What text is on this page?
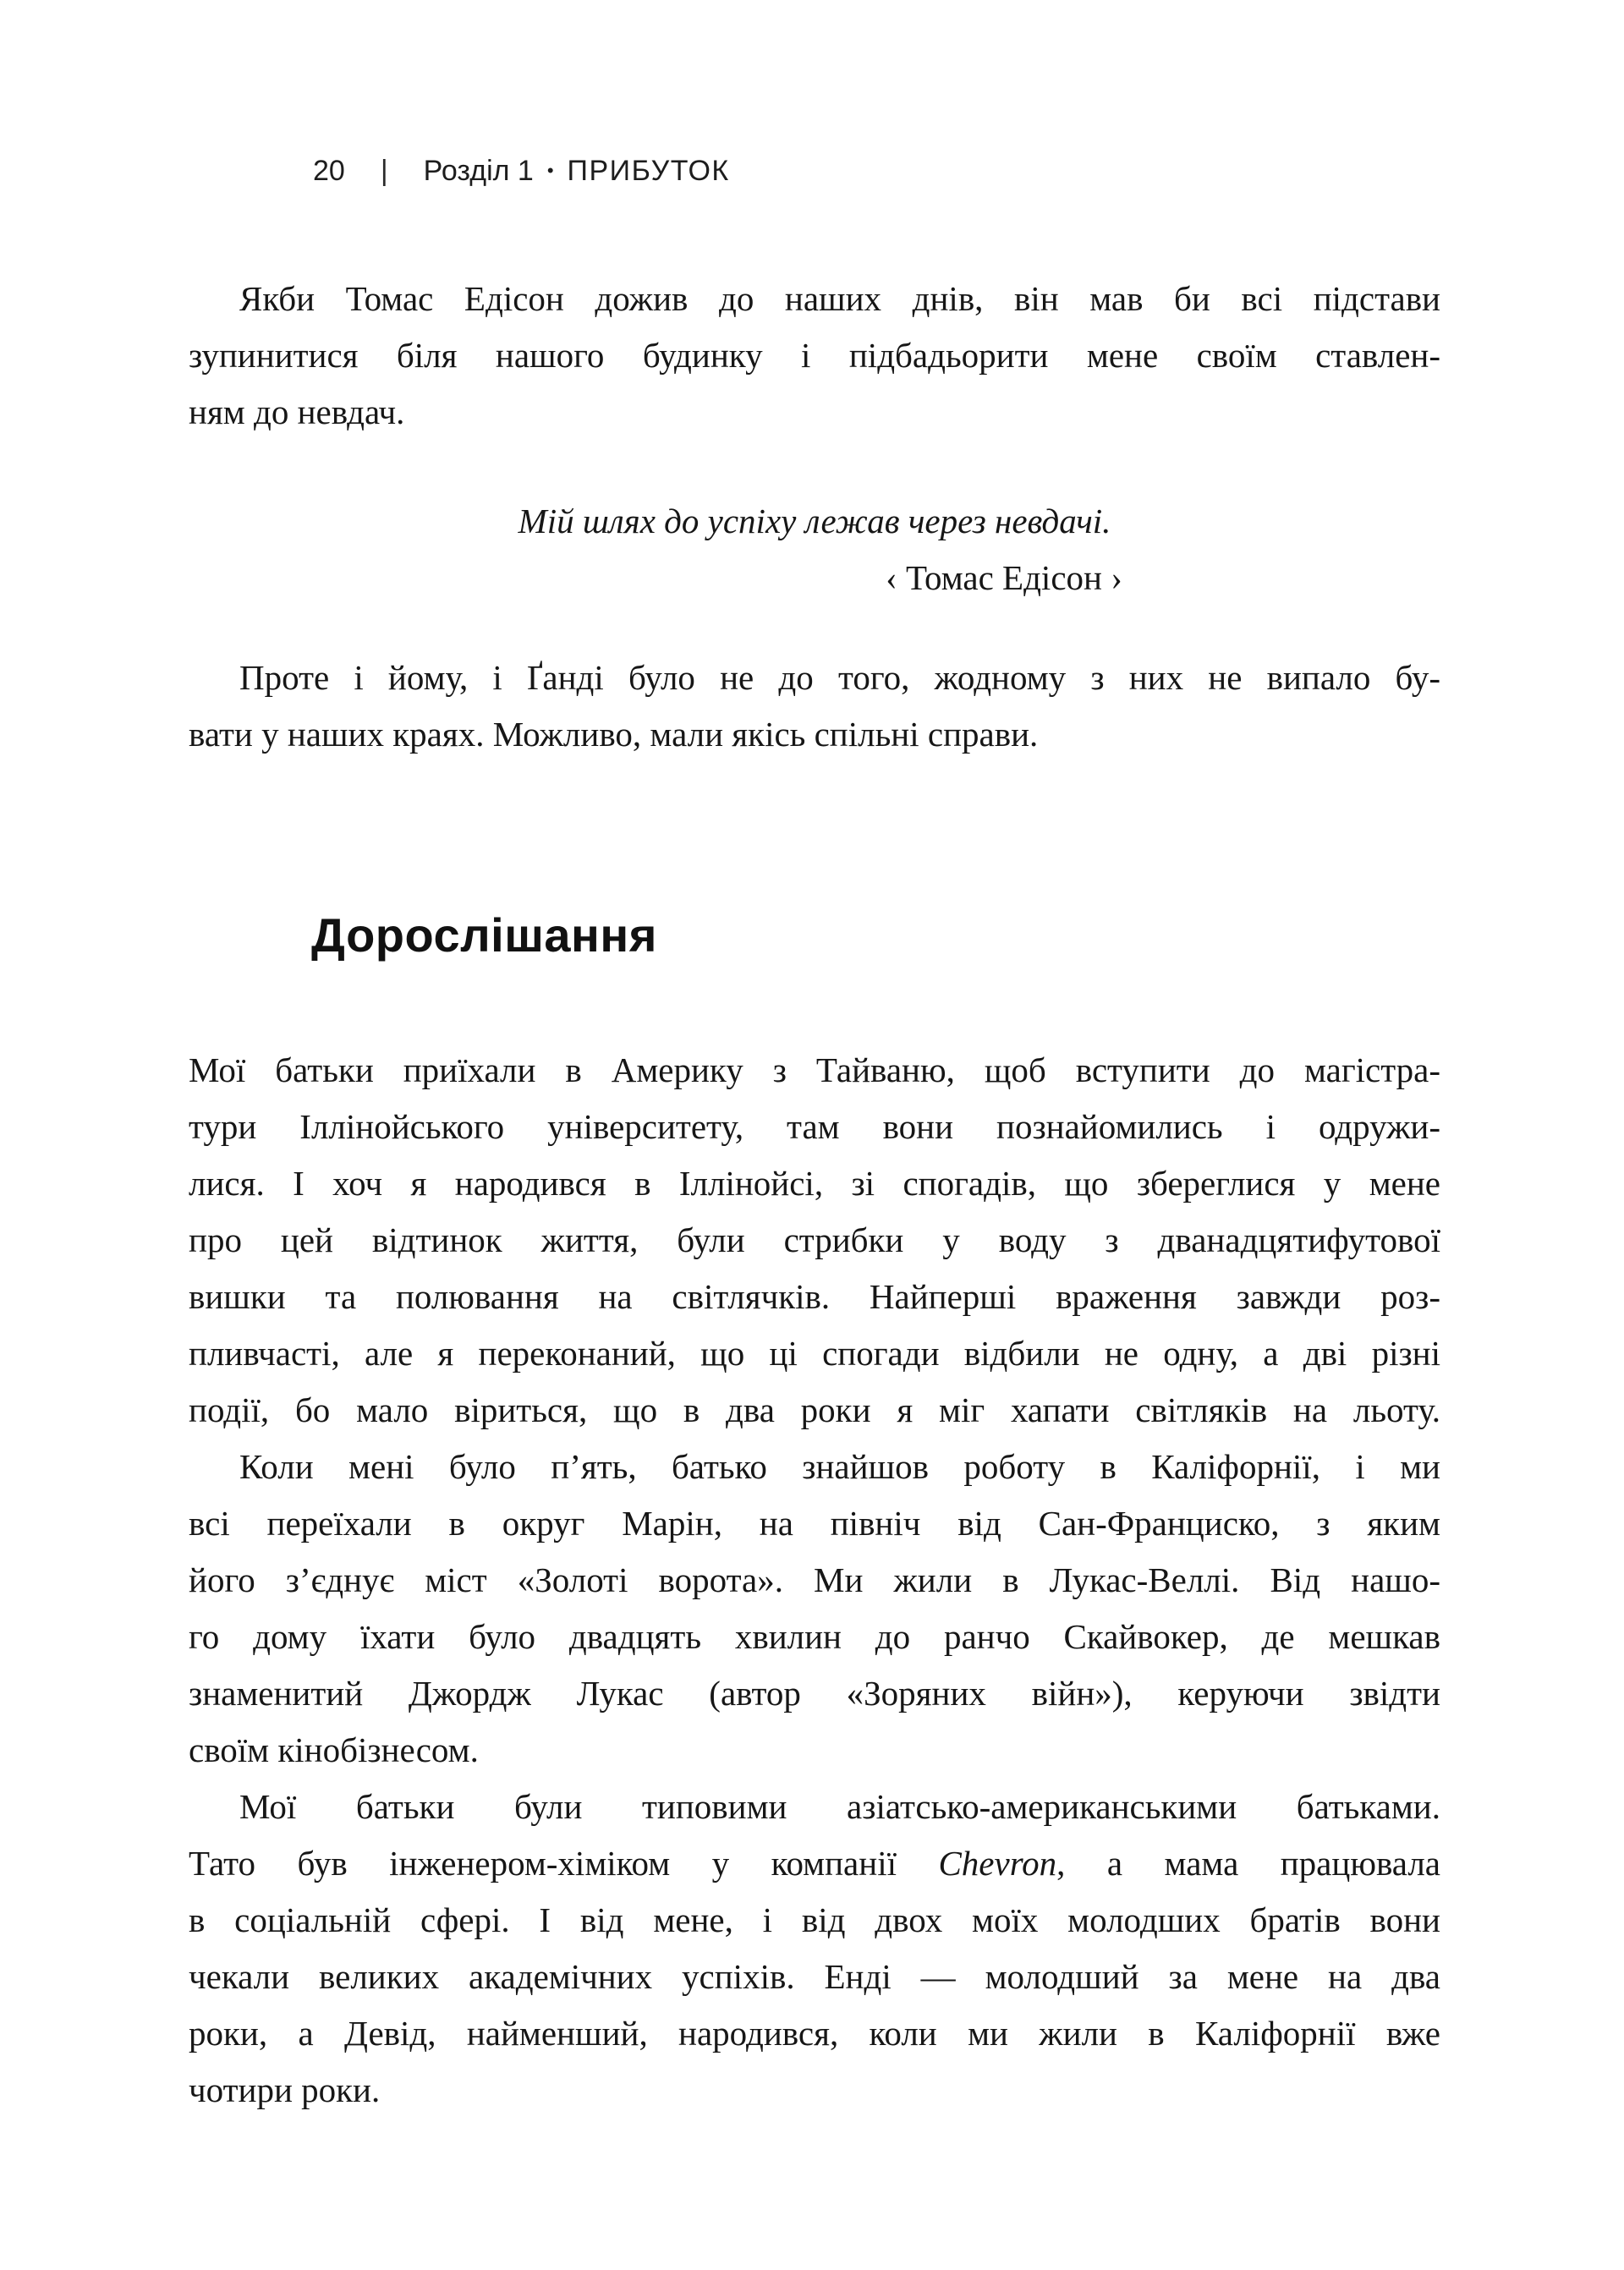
20 | Розділ 1 • ПРИБУТОК
Якби Томас Едісон дожив до наших днів, він мав би всі підстави
зупинитися біля нашого будинку і підбадьорити мене своїм ставлен-
ням до невдач.
Мій шлях до успіху лежав через невдачі.
‹ Томас Едісон ›
Проте і йому, і Ґанді було не до того, жодному з них не випало бу-
вати у наших краях. Можливо, мали якісь спільні справи.
Дорослішання
Мої батьки приїхали в Америку з Тайваню, щоб вступити до магістра-
тури Іллінойського університету, там вони познайомились і одружи-
лися. І хоч я народився в Іллінойсі, зі спогадів, що збереглися у мене
про цей відтинок життя, були стрибки у воду з дванадцятифутової
вишки та полювання на світлячків. Найперші враження завжди роз-
пливчасті, але я переконаний, що ці спогади відбили не одну, а дві різні
події, бо мало віриться, що в два роки я міг хапати світляків на льоту.
Коли мені було п’ять, батько знайшов роботу в Каліфорнії, і ми
всі переїхали в округ Марін, на північ від Сан-Франциско, з яким
його з’єднує міст «Золоті ворота». Ми жили в Лукас-Веллі. Від нашо-
го дому їхати було двадцять хвилин до ранчо Скайвокер, де мешкав
знаменитий Джордж Лукас (автор «Зоряних війн»), керуючи звідти
своїм кінобізнесом.
Мої батьки були типовими азіатсько-американськими батьками.
Тато був інженером-хіміком у компанії Chevron, а мама працювала
в соціальній сфері. І від мене, і від двох моїх молодших братів вони
чекали великих академічних успіхів. Енді — молодший за мене на два
роки, а Девід, найменший, народився, коли ми жили в Каліфорнії вже
чотири роки.
